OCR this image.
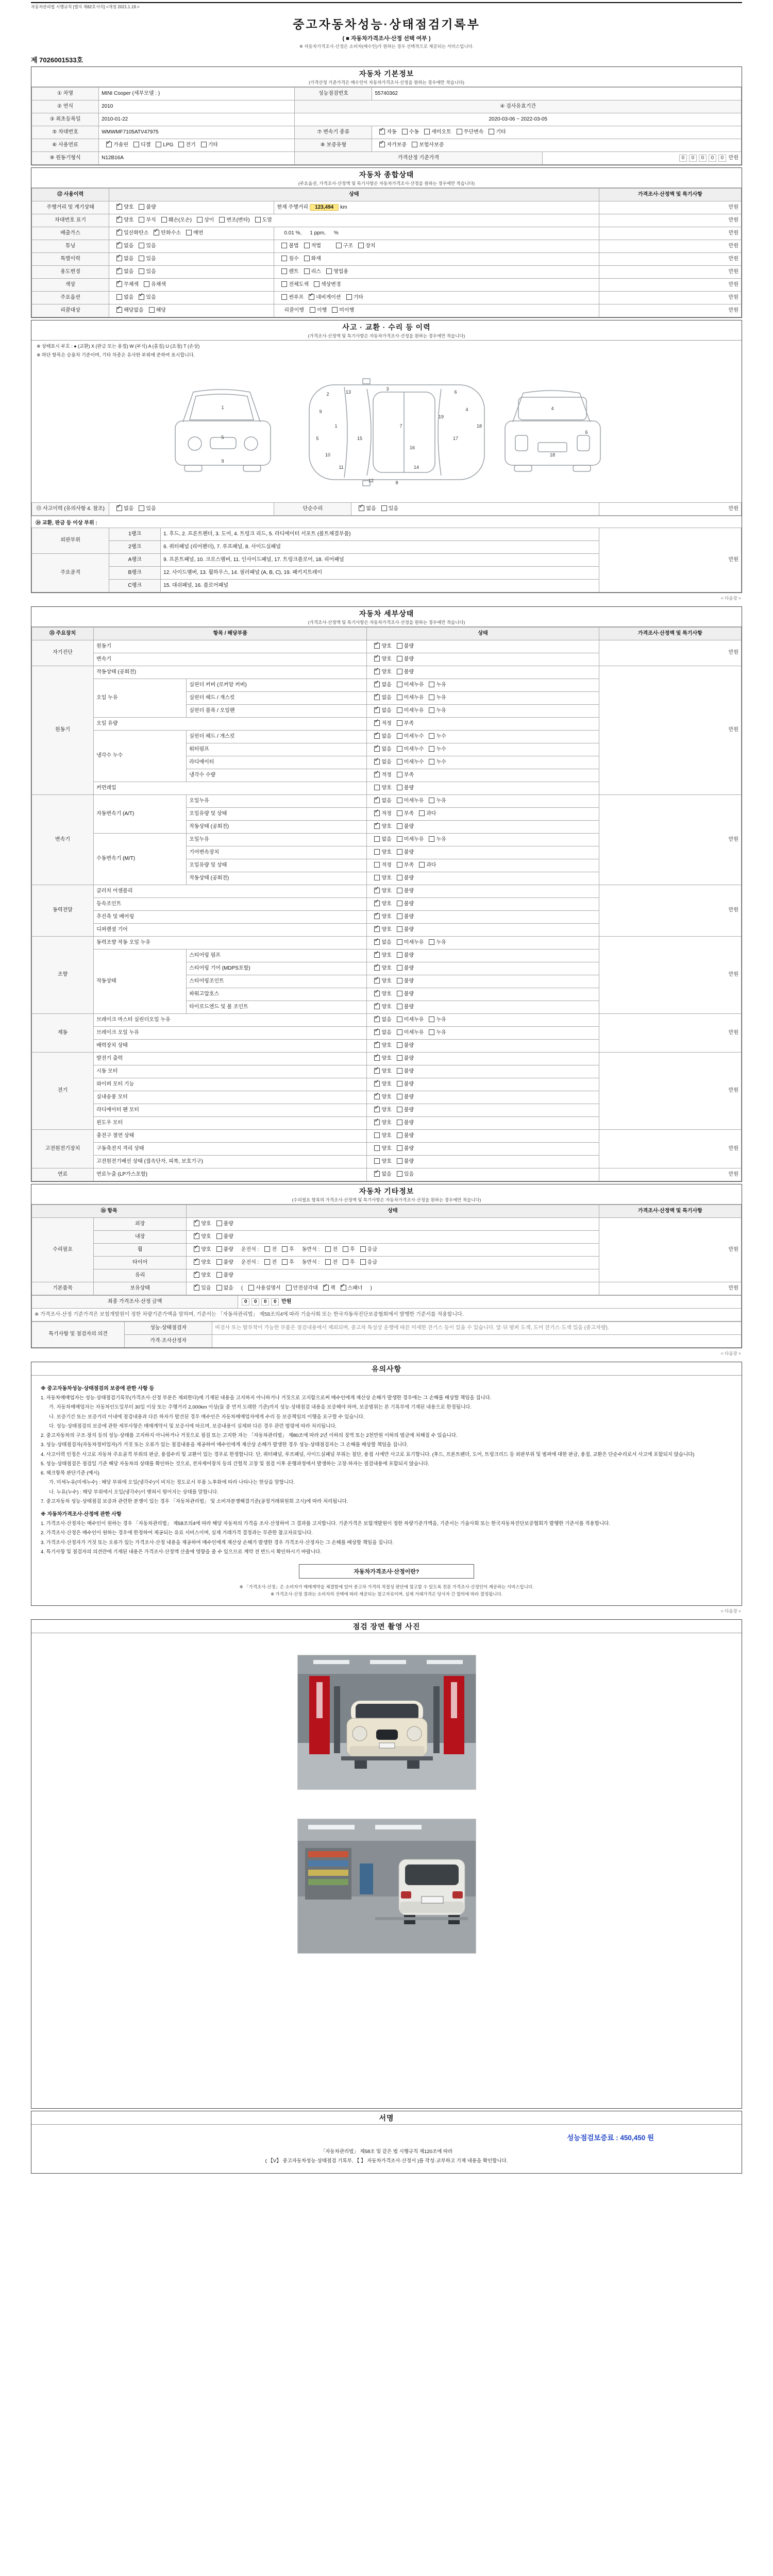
자동차관리법 시행규칙 [별지 제82호서식] <개정 2021.1.19.>
중고자동차성능·상태점검기록부
( ■ 자동차가격조사·산정 선택 여부 )
※ 자동차가격조사·산정은 소비자(매수인)가 원하는 경우 선택적으로 제공되는 서비스입니다.
제 7026001533호
자동차 기본정보
(가격산정 기준가격은 매수인이 자동차가격조사·산정을 원하는 경우에만 적습니다)
① 차명	MINI Cooper (세부모델 : )	성능점검번호	55740362	
② 연식	2010	④ 검사유효기간		
③ 최초등록일	2010-01-22	2020-03-06 ~ 2022-03-05		
⑤ 차대번호	WMWMF7105ATV47975	⑦ 변속기 종류	✓자동 수동 세미오토 무단변속 기타
⑥ 사용연료	✓가솔린 디젤 LPG 전기 기타	⑧ 보증유형	✓자가보증 보험사보증
⑨ 원동기형식	N12B16A	가격산정 기준가격		0 0 0 0 0 만원
자동차 종합상태
(주요옵션, 가격조사·산정액 및 특기사항은 자동차가격조사·산정을 원하는 경우에만 적습니다)
⑫ 사용이력	상태		가격조사·산정액 및 특기사항
주행거리 및 계기상태	✓양호 불량	현재 주행거리 123,494 km	만원
차대번호 표기	✓양호 부식 훼손(오손) 상이 변조(변타) 도말		만원
배출가스	✓일산화탄소 ✓ 탄화수소 매연	0.01 %, 1 ppm, %	만원
튜닝	✓없음 있음	불법 적법 구조 장치	만원
특별이력	✓없음 있음	침수 화재	만원
용도변경	✓없음 있음	렌트 리스 영업용	만원
색상	✓무채색 유채색	전체도색 색상변경	만원
주요옵션	없음 ✓ 있음	썬루프 ✓ 네비게이션 기타	만원
리콜대상	✓해당없음 해당	리콜이행 이행 미이행	만원
사고 · 교환 · 수리 등 이력
(가격조사·산정액 및 특기사항은 자동차가격조사·산정을 원하는 경우에만 적습니다)
※ 상태표시 부호 : ● (교환) X (판금 또는 용접) W (부식) A (흠집) U (요철) T (손상)
※ 하단 항목은 승용차 기준이며, 기타 차종은 유사한 부위에 준하여 표시합니다.
1
2
3
4
5
6
7
8
9
10
11
12
13
14
15
16
17
18
19
1
5
9
4
18
6
⑬ 사고이력 (유의사항 4. 참조)	✓없음 있음	단순수리	✓없음 있음	만원
⑭ 교환, 판금 등 이상 부위 :
외판부위	1랭크	1. 후드, 2. 프론트펜더, 3. 도어, 4. 트렁크 리드, 5. 라디에이터 서포트 (볼트체결부품)	만원
	2랭크	6. 쿼터패널 (리어펜더), 7. 루프패널, 8. 사이드실패널	
주요골격	A랭크	9. 프론트패널, 10. 크로스멤버, 11. 인사이드패널, 17. 트렁크플로어, 18. 리어패널	
	B랭크	12. 사이드멤버, 13. 휠하우스, 14. 필러패널 (A, B, C), 19. 패키지트레이	
	C랭크	15. 대쉬패널, 16. 플로어패널	
< 다음장 >
자동차 세부상태
(가격조사·산정액 및 특기사항은 자동차가격조사·산정을 원하는 경우에만 적습니다)
⑮ 주요장치	항목 / 해당부품		상태	가격조사·산정액 및 특기사항
자기진단	원동기	✓양호 불량	만원
	변속기	✓양호 불량
원동기	작동상태 (공회전)	✓양호 불량	만원
	오일 누유	실린더 커버 (로커암 커버)	✓없음 미세누유 누유
		실린더 헤드 / 개스킷	✓없음 미세누유 누유
		실린더 블록 / 오일팬	✓없음 미세누유 누유
	오일 유량	✓적정 부족
	냉각수 누수	실린더 헤드 / 개스킷	✓없음 미세누수 누수
		워터펌프	✓없음 미세누수 누수
		라디에이터	✓없음 미세누수 누수
		냉각수 수량	✓적정 부족
	커먼레일		양호 불량	
변속기	자동변속기 (A/T)	오일누유	✓없음 미세누유 누유	만원
		오일유량 및 상태	✓적정 부족 과다
		작동상태 (공회전)	✓양호 불량
	수동변속기 (M/T)	오일누유	없음 미세누유 누유	
		기어변속장치	양호 불량	
		오일유량 및 상태	적정 부족 과다	
		작동상태 (공회전)	양호 불량	
동력전달	클러치 어셈블리	✓양호 불량	만원
	등속조인트	✓양호 불량
	추진축 및 베어링	✓양호 불량
	디퍼렌셜 기어	✓양호 불량
조향	동력조향 작동 오일 누유	✓없음 미세누유 누유	만원
	작동상태	스티어링 펌프	✓양호 불량
		스티어링 기어 (MDPS포함)	✓양호 불량
		스티어링조인트	✓양호 불량
		파워고압호스	✓양호 불량
		타이로드엔드 및 볼 조인트	✓양호 불량
제동	브레이크 마스터 실린더오일 누유	✓없음 미세누유 누유	만원
	브레이크 오일 누유	✓없음 미세누유 누유
	배력장치 상태	✓양호 불량
전기	발전기 출력	✓양호 불량	만원
	시동 모터	✓양호 불량
	와이퍼 모터 기능	✓양호 불량
	실내송풍 모터	✓양호 불량
	라디에이터 팬 모터	✓양호 불량
	윈도우 모터	✓양호 불량
고전원전기장치	충전구 절연 상태		양호 불량	만원
	구동축전지 격리 상태		양호 불량	
	고전원전기배선 상태 (접속단자, 피복, 보호기구)		양호 불량	
연료	연료누출 (LP가스포함)	✓없음 있음	만원
자동차 기타정보
(수리필요 항목의 가격조사·산정액 및 특기사항은 자동차가격조사·산정을 원하는 경우에만 적습니다)
⑯ 항목		상태	가격조사·산정액 및 특기사항
수리필요	외장	✓양호 불량	만원
	내장	✓양호 불량
	휠	✓양호 불량 운전석 : 전 후 동반석 : 전 후 응급
	타이어	✓양호 불량 운전석 : 전 후 동반석 : 전 후 응급
	유리	✓양호 불량
기본품목	보유상태	✓있음 없음 ( 사용설명서 안전삼각대 ✓ 잭 ✓ 스패너 )	만원
최종 가격조사·산정 금액	0 0 0 0 만원
※ 가격조사·산정 기준가격은 보험개발원이 정한 차량기준가액을 말하며, 기준서는 「자동차관리법」 제58조의4에 따라 기술사회 또는 한국자동차진단보증협회에서 발행한 기준서를 적용합니다.
특기사항 및 점검자의 의견	성능·상태점검자	비검사 또는 탈부착이 가능한 부품은 점검내용에서 제외되며, 중고차 특성상 운행에 따른 미세한 잔기스 등이 있을 수 있습니다. 앞·뒤 범퍼 도색, 도어 잔기스·도색 있음 (중고차량).
	가격·조사산정자	
< 다음장 >
유의사항
※ 중고자동차성능·상태점검의 보증에 관한 사항 등
1. 자동차매매업자는 성능·상태점검기록부(가격조사·산정 부분은 제외한다)에 기재된 내용을 고지하지 아니하거나 거짓으로 고지함으로써 매수인에게 재산상 손해가 발생한 경우에는 그 손해를 배상할 책임을 집니다.
가. 자동차매매업자는 자동차인도일부터 30일 이상 또는 주행거리 2,000km 이상(둘 중 먼저 도래한 기준)까지 성능·상태점검 내용을 보증해야 하며, 보증범위는 본 기록부에 기재된 내용으로 한정됩니다.
나. 보증기간 또는 보증거리 이내에 점검내용과 다른 하자가 발견된 경우 매수인은 자동차매매업자에게 수리 등 보증책임의 이행을 요구할 수 있습니다.
다. 성능·상태점검의 보증에 관한 세부사항은 매매계약서 및 보증서에 따르며, 보증내용이 실제와 다른 경우 관련 법령에 따라 처리됩니다.
2. 중고자동차의 구조·장치 등의 성능·상태를 고지하지 아니하거나 거짓으로 점검 또는 고지한 자는 「자동차관리법」 제80조에 따라 2년 이하의 징역 또는 2천만원 이하의 벌금에 처해질 수 있습니다.
3. 성능·상태점검자(자동차정비업자)가 거짓 또는 오류가 있는 점검내용을 제공하여 매수인에게 재산상 손해가 발생한 경우 성능·상태점검자는 그 손해를 배상할 책임을 집니다.
4. 사고이력 인정은 사고로 자동차 주요골격 부위의 판금, 용접수리 및 교환이 있는 경우로 한정합니다. 단, 쿼터패널, 루프패널, 사이드실패널 부위는 절단, 용접 시에만 사고로 표기합니다. (후드, 프론트펜더, 도어, 트렁크리드 등 외판부위 및 범퍼에 대한 판금, 용접, 교환은 단순수리로서 사고에 포함되지 않습니다)
5. 성능·상태점검은 점검일 기준 해당 자동차의 상태를 확인하는 것으로, 전자제어장치 등의 간헐적 고장 및 점검 이후 운행과정에서 발생하는 고장·하자는 점검내용에 포함되지 않습니다.
6. 체크항목 판단기준 (예시)
가. 미세누유(미세누수) : 해당 부위에 오일(냉각수)이 비치는 정도로서 부품 노후화에 따라 나타나는 현상을 말합니다.
나. 누유(누수) : 해당 부위에서 오일(냉각수)이 맺혀서 떨어지는 상태를 말합니다.
7. 중고자동차 성능·상태점검 보증과 관련한 분쟁이 있는 경우 「자동차관리법」 및 소비자분쟁해결기준(공정거래위원회 고시)에 따라 처리됩니다.
※ 자동차가격조사·산정에 관한 사항
1. 가격조사·산정자는 매수인이 원하는 경우 「자동차관리법」 제58조의4에 따라 해당 자동차의 가격을 조사·산정하여 그 결과를 고지합니다. 기준가격은 보험개발원이 정한 차량기준가액을, 기준서는 기술사회 또는 한국자동차진단보증협회가 발행한 기준서를 적용합니다.
2. 가격조사·산정은 매수인이 원하는 경우에 한정하여 제공되는 유료 서비스이며, 실제 거래가격 결정과는 무관한 참고자료입니다.
3. 가격조사·산정자가 거짓 또는 오류가 있는 가격조사·산정 내용을 제공하여 매수인에게 재산상 손해가 발생한 경우 가격조사·산정자는 그 손해를 배상할 책임을 집니다.
4. 특기사항 및 점검자의 의견란에 기재된 내용은 가격조사·산정액 산출에 영향을 줄 수 있으므로 계약 전 반드시 확인하시기 바랍니다.
자동차가격조사·산정이란?
※ 「가격조사·산정」은 소비자가 매매계약을 체결함에 있어 중고차 가격의 적절성 판단에 참고할 수 있도록 전문 가격조사·산정인이 제공하는 서비스입니다.
※ 가격조사·산정 결과는 소비자의 선택에 따라 제공되는 참고자료이며, 실제 거래가격은 당사자 간 합의에 따라 결정됩니다.
< 다음장 >
점검 장면 촬영 사진
서명
성능점검보증료 : 450,450 원
「자동차관리법」 제58조 및 같은 법 시행규칙 제120조에 따라
( 【V】 중고자동차성능·상태점검 기록부, 【 】 자동차가격조사·산정서 )를 작성·교부하고 기재 내용을 확인합니다.
